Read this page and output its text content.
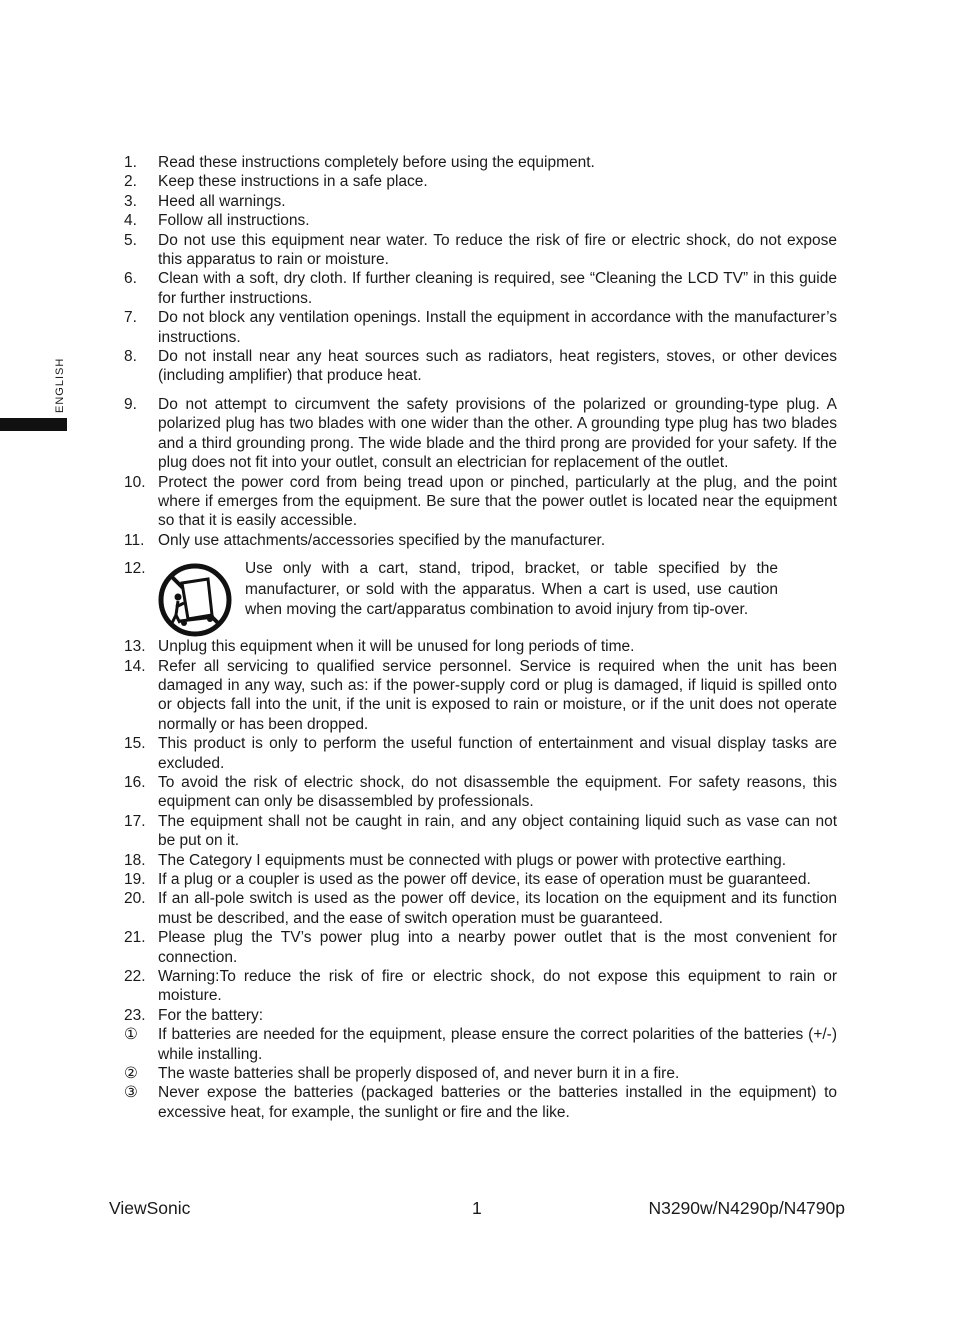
ENGLISH
1.	Read these instructions completely before using the equipment.
2.	Keep these instructions in a safe place.
3.	Heed all warnings.
4.	Follow all instructions.
5.	Do not use this equipment near water. To reduce the risk of fire or electric shock, do not expose this apparatus to rain or moisture.
6.	Clean with a soft, dry cloth. If further cleaning is required, see “Cleaning the LCD TV” in this guide for further instructions.
7.	Do not block any ventilation openings. Install the equipment in accordance with the manufacturer’s instructions.
8.	Do not install near any heat sources such as radiators, heat registers, stoves, or other devices (including amplifier) that produce heat.
9.	Do not attempt to circumvent the safety provisions of the polarized or grounding-type plug. A polarized plug has two blades with one wider than the other. A grounding type plug has two blades and a third grounding prong. The wide blade and the third prong are provided for your safety. If the plug does not fit into your outlet, consult an electrician for replacement of the outlet.
10. Protect the power cord from being tread upon or pinched, particularly at the plug, and the point where if emerges from the equipment. Be sure that the power outlet is located near the equipment so that it is easily accessible.
11. Only use attachments/accessories specified by the manufacturer.
12.	Use only with a cart, stand, tripod, bracket, or table specified by the manufacturer, or sold with the apparatus. When a cart is used, use caution when moving the cart/apparatus combination to avoid injury from tip-over.
13. Unplug this equipment when it will be unused for long periods of time.
14. Refer all servicing to qualified service personnel. Service is required when the unit has been damaged in any way, such as: if the power-supply cord or plug is damaged, if liquid is spilled onto or objects fall into the unit, if the unit is exposed to rain or moisture, or if the unit does not operate normally or has been dropped.
15. This product is only to perform the useful function of entertainment and visual display tasks are excluded.
16. To avoid the risk of electric shock, do not disassemble the equipment. For safety reasons, this equipment can only be disassembled by professionals.
17. The equipment shall not be caught in rain, and any object containing liquid such as vase can not be put on it.
18. The Category I equipments must be connected with plugs or power with protective earthing.
19. If a plug or a coupler is used as the power off device, its ease of operation must be guaranteed.
20. If an all-pole switch is used as the power off device, its location on the equipment and its function must be described, and the ease of switch operation must be guaranteed.
21. Please plug the TV’s power plug into a nearby power outlet that is the most convenient for connection.
22. Warning:To reduce the risk of fire or electric shock, do not expose this equipment to rain or moisture.
23. For the battery:
①	If batteries are needed for the equipment, please ensure the correct polarities of the batteries (+/-) while installing.
②	The waste batteries shall be properly disposed of, and never burn it in a fire.
③	Never expose the batteries (packaged batteries or the batteries installed in the equipment) to excessive heat, for example, the sunlight or fire and the like.
ViewSonic	1	N3290w/N4290p/N4790p
